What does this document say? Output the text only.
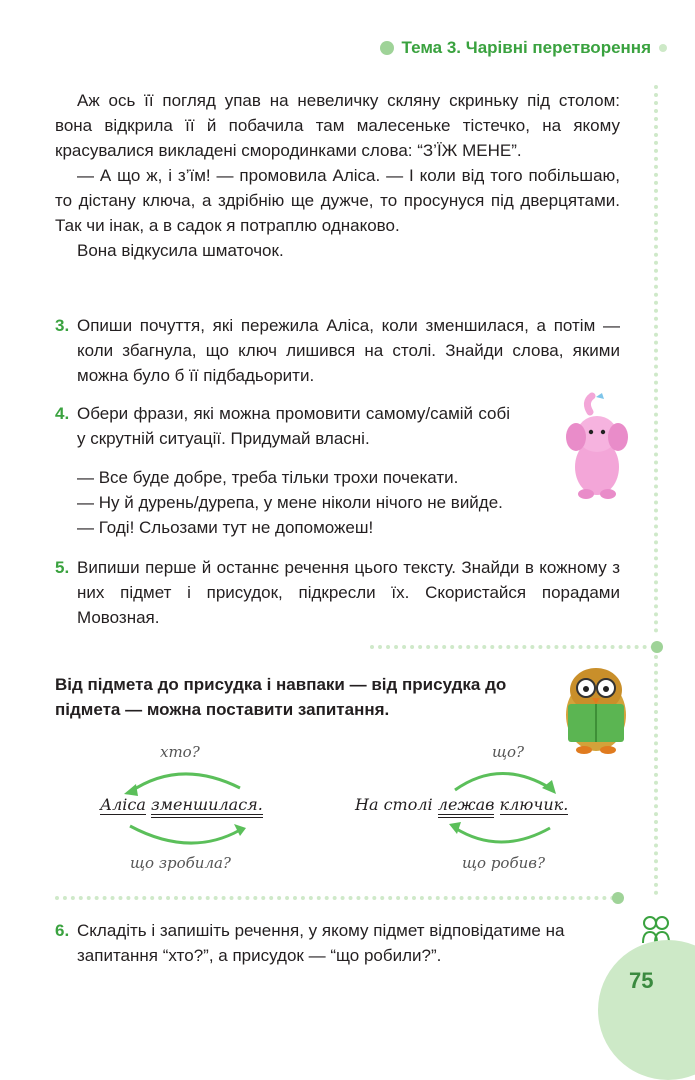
Тема 3. Чарівні перетворення

Аж ось її погляд упав на невеличку скляну скриньку під столом: вона відкрила її й побачила там малесеньке тістечко, на якому красувалися викладені смородинками слова: “З’ЇЖ МЕНЕ”.

— А що ж, і з’їм! — промовила Аліса. — І коли від того побільшаю, то дістану ключа, а здрібнію ще дужче, то просунуся під дверцятами. Так чи інак, а в садок я потраплю однаково.

Вона відкусила шматочок.

3. Опиши почуття, які пережила Аліса, коли зменшилася, а потім — коли збагнула, що ключ лишився на столі. Знайди слова, якими можна було б її підбадьорити.
4. Обери фрази, які можна промовити самому/самій собі у скрутній ситуації. Придумай власні.
— Все буде добре, треба тільки трохи почекати.
— Ну й дурень/дурепа, у мене ніколи нічого не вийде.
— Годі! Сльозами тут не допоможеш!
5. Випиши перше й останнє речення цього тексту. Знайди в кожному з них підмет і присудок, підкресли їх. Скористайся порадами Мовозная.
Від підмета до присудка і навпаки — від присудка до підмета — можна поставити запитання.
хто?
Аліса зменшилася.
що зробила?
що?
На столі лежав ключик.
що робив?
6. Складіть і запишіть речення, у якому підмет відповідатиме на запитання “хто?”, а присудок — “що робили?”.
75
